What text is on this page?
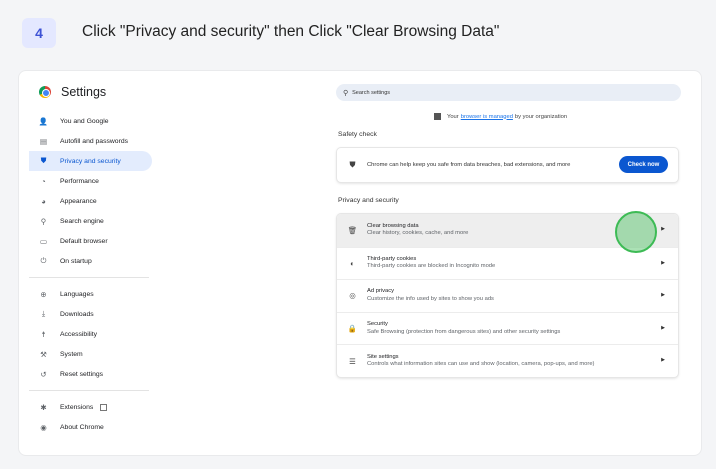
4	Click "Privacy and security" then Click "Clear Browsing Data"
Settings
👤 You and Google
▤ Autofill and passwords
⛊ Privacy and security
◔	Performance
◕	Appearance
⚲ Search engine
▭ Default browser
⏻ On startup
⊕ Languages
⤓	Downloads
☨	Accessibility
⚒ System
↺ Reset settings
✱ Extensions
◉ About Chrome
⚲
Search settings
Your browser is managed by your organization
Safety check
⛊ Chrome can help keep you safe from data breaches, bad extensions, and more	Check now
Privacy and security
🗑
Clear browsing data
Clear history, cookies, cache, and more
▶
◐
Third-party cookies
Third-party cookies are blocked in Incognito mode
▶
◎
Ad privacy
Customize the info used by sites to show you ads
▶
🔒
Security
Safe Browsing (protection from dangerous sites) and other security settings
▶
☰
Site settings
Controls what information sites can use and show (location, camera, pop-ups, and more)
▶
